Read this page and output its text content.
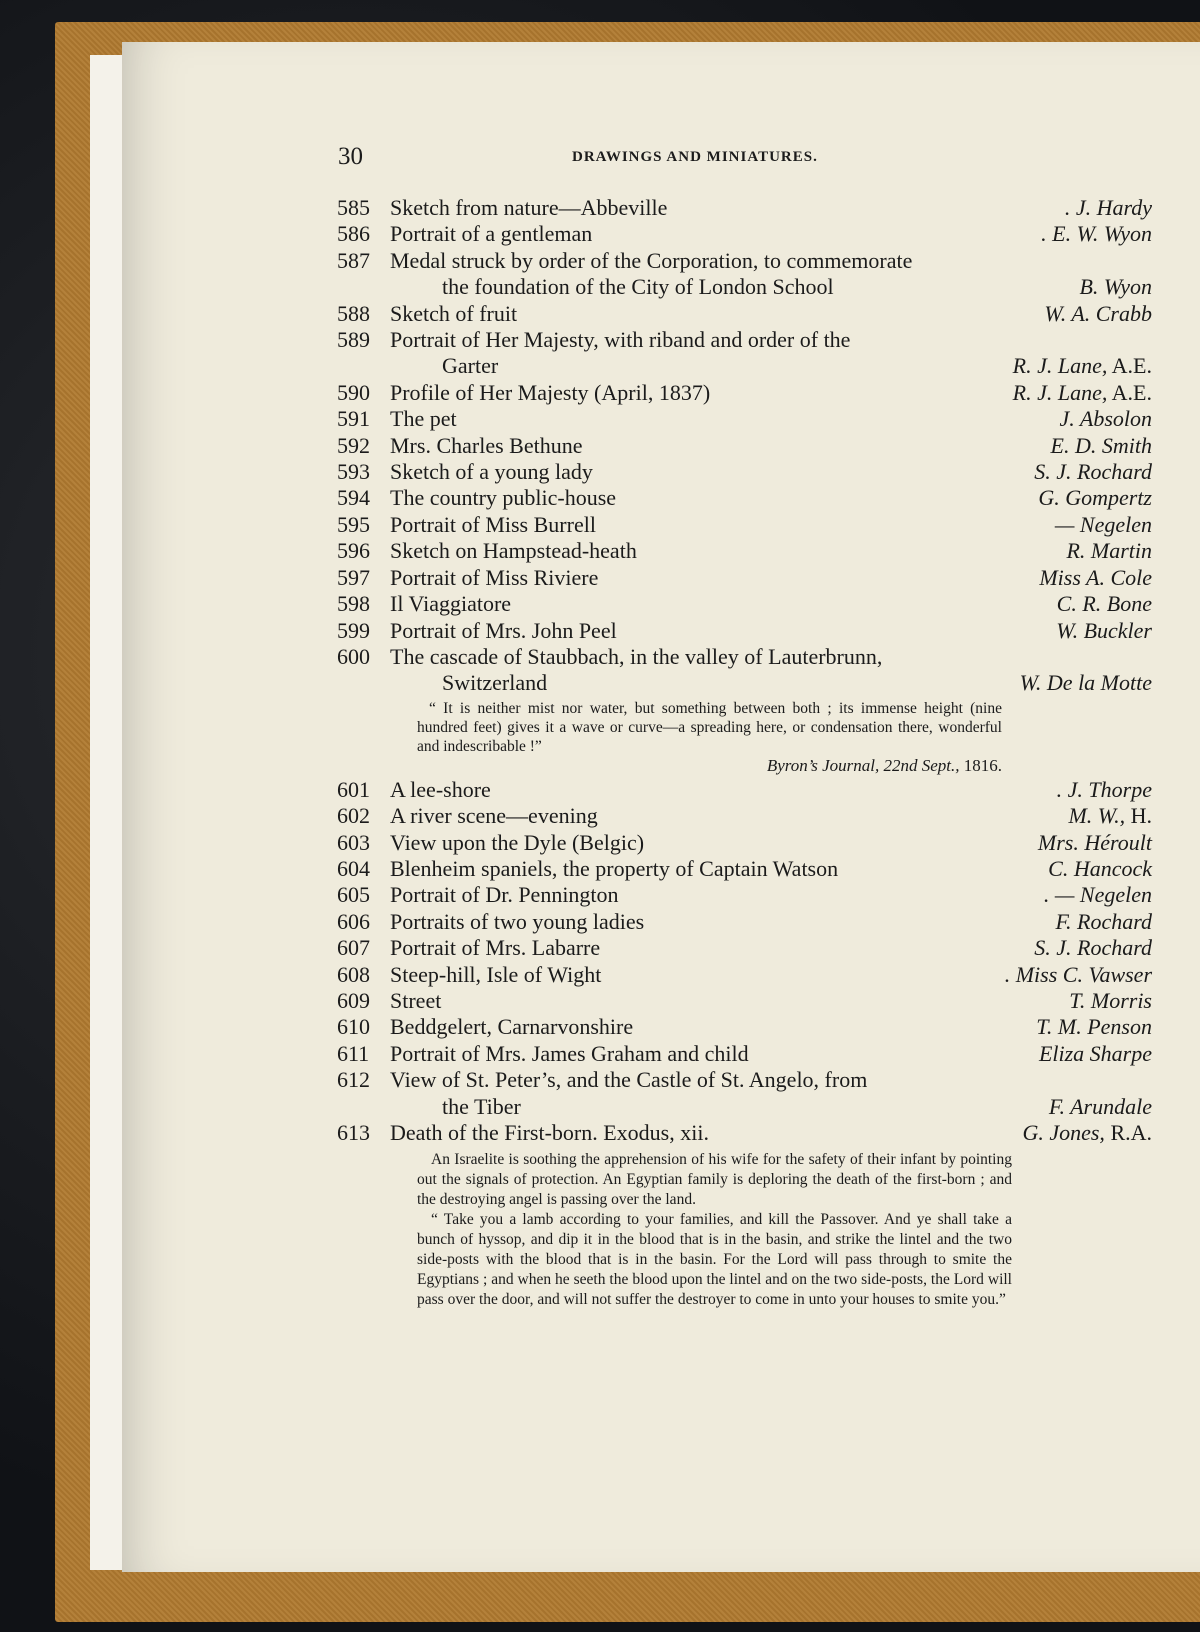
30	DRAWINGS AND MINIATURES.
585 Sketch from nature—Abbeville	. J. Hardy
586 Portrait of a gentleman	. E. W. Wyon
587 Medal struck by order of the Corporation, to commemorate
the foundation of the City of London School	B. Wyon
588 Sketch of fruit	W. A. Crabb
589 Portrait of Her Majesty, with riband and order of the
Garter	R. J. Lane, A.E.
590 Profile of Her Majesty (April, 1837)	R. J. Lane, A.E.
591 The pet	J. Absolon
592 Mrs. Charles Bethune	E. D. Smith
593 Sketch of a young lady	S. J. Rochard
594 The country public-house	G. Gompertz
595 Portrait of Miss Burrell	— Negelen
596 Sketch on Hampstead-heath	R. Martin
597 Portrait of Miss Riviere	Miss A. Cole
598 Il Viaggiatore	C. R. Bone
599 Portrait of Mrs. John Peel	W. Buckler
600 The cascade of Staubbach, in the valley of Lauterbrunn,
Switzerland	W. De la Motte

“ It is neither mist nor water, but something between both ; its immense height (nine hundred feet) gives it a wave or curve—a spreading here, or condensation there, wonderful and indescribable !”

Byron’s Journal, 22nd Sept., 1816.
601 A lee-shore	. J. Thorpe
602 A river scene—evening	M. W., H.
603 View upon the Dyle (Belgic)	Mrs. Héroult
604 Blenheim spaniels, the property of Captain Watson	C. Hancock
605 Portrait of Dr. Pennington	. — Negelen
606 Portraits of two young ladies	F. Rochard
607 Portrait of Mrs. Labarre	S. J. Rochard
608 Steep-hill, Isle of Wight	. Miss C. Vawser
609 Street	T. Morris
610 Beddgelert, Carnarvonshire	T. M. Penson
611 Portrait of Mrs. James Graham and child	Eliza Sharpe
612 View of St. Peter’s, and the Castle of St. Angelo, from
the Tiber	F. Arundale
613 Death of the First-born. Exodus, xii.	G. Jones, R.A.

An Israelite is soothing the apprehension of his wife for the safety of their infant by pointing out the signals of protection. An Egyptian family is deploring the death of the first-born ; and the destroying angel is passing over the land.

“ Take you a lamb according to your families, and kill the Passover. And ye shall take a bunch of hyssop, and dip it in the blood that is in the basin, and strike the lintel and the two side-posts with the blood that is in the basin. For the Lord will pass through to smite the Egyptians ; and when he seeth the blood upon the lintel and on the two side-posts, the Lord will pass over the door, and will not suffer the destroyer to come in unto your houses to smite you.”
